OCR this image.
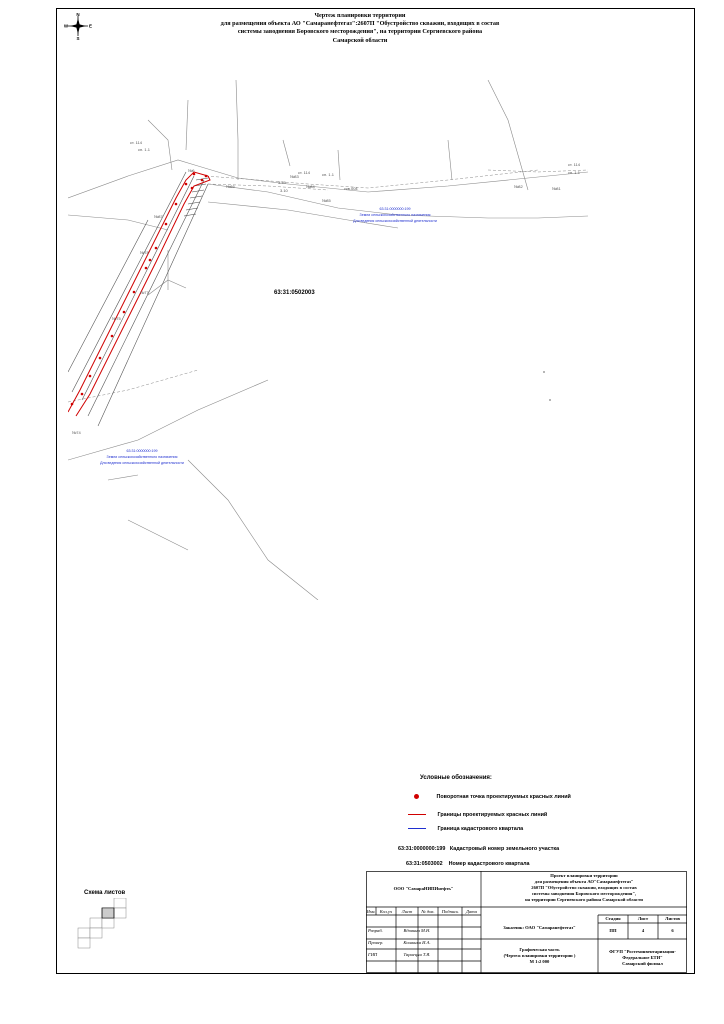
N
S
W	E
Чертеж планировки территории
для размещения объекта АО "Самаранефтегаз":2607П "Обустройство скважин, входящих в состав
системы заводнения Боровского месторождения", на территории Сергиевского района
Самарской области
ст. 114
сп. 1.1
ст. 114	сп. 1.1
ст. 114
сп. 1.1
№83
№84
№85
№82	№81
№86
№87
№78
№77
№75
№74
скв.004
3.49
3.10
№6
63:31:0000000:199
Земли сельскохозяйственного назначения
Для ведения сельскохозяйственной деятельности
63:31:0000000:199
Земли сельскохозяйственного назначения
Для ведения сельскохозяйственной деятельности
63:31:0502003
Условные обозначения:
Поворотная точка проектируемых красных линий
Границы проектируемых красных линий
Граница кадастрового квартала
63:31:0000000:199 Кадастровый номер земельного участка
63:31:0503002 Номер кадастрового квартала
Схема листов
ООО "СамараНИПИнефть"
Проект планировки территории
для размещения объекта АО"Самаранефтегаз"
2607П "Обустройство скважин, входящих в состав
системы заводнения Боровского месторождения",
на территории Сергиевского района Самарской области
Изм. Кол.уч	Лист	№ док.	Подпись	Дата
Разраб.	Вдовина М.Н.
Провер.	Кошкина И.А.
ГИП	Тарнецин Т.Я.
Заказчик: ОАО "Самаранефтегаз"
Стадия	Лист	Листов
ПП	4	6
Графическая часть
(Чертеж планировки территории )
М 1:2 000
ФГУП "Ростехинвентаризация-
Федеральное БТИ"
Самарский филиал
